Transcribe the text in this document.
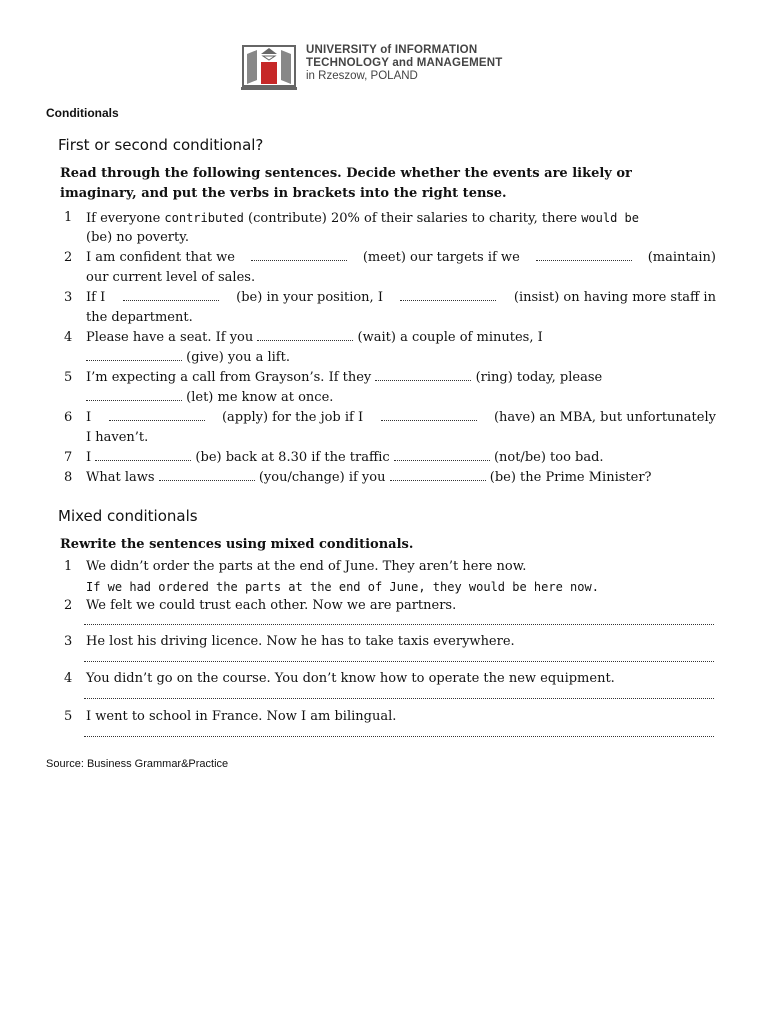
UNIVERSITY of INFORMATION
TECHNOLOGY and MANAGEMENT
in Rzeszow, POLAND
Conditionals
First or second conditional?
Read through the following sentences. Decide whether the events are likely or
imaginary, and put the verbs in brackets into the right tense.
1	If everyone
contributed
(contribute) 20% of their salaries to charity, there
would be
(be) no poverty.
2	I am confident that we	(meet) our targets if we	(maintain)
our current level of sales.
3	If I	(be) in your position, I	(insist) on having more staff in
the department.
4	Please have a seat. If you

	(wait) a couple of minutes, I

(give) you a lift.
5	I’m expecting a call from Grayson’s. If they

	(ring) today, please

(let) me know at once.
6	I	(apply) for the job if I	(have) an MBA, but unfortunately
I haven’t.
7	I

	(be) back at 8.30 if the traffic

	(not/be) too bad.
8	What laws

	(you/change) if you

	(be) the Prime Minister?
Mixed conditionals
Rewrite the sentences using mixed conditionals.
1	We didn’t order the parts at the end of June. They aren’t here now.
If we had ordered the parts at the end of June, they would be here now.
2	We felt we could trust each other. Now we are partners.
3	He lost his driving licence. Now he has to take taxis everywhere.
4	You didn’t go on the course. You don’t know how to operate the new equipment.
5	I went to school in France. Now I am bilingual.
Source: Business Grammar&Practice
